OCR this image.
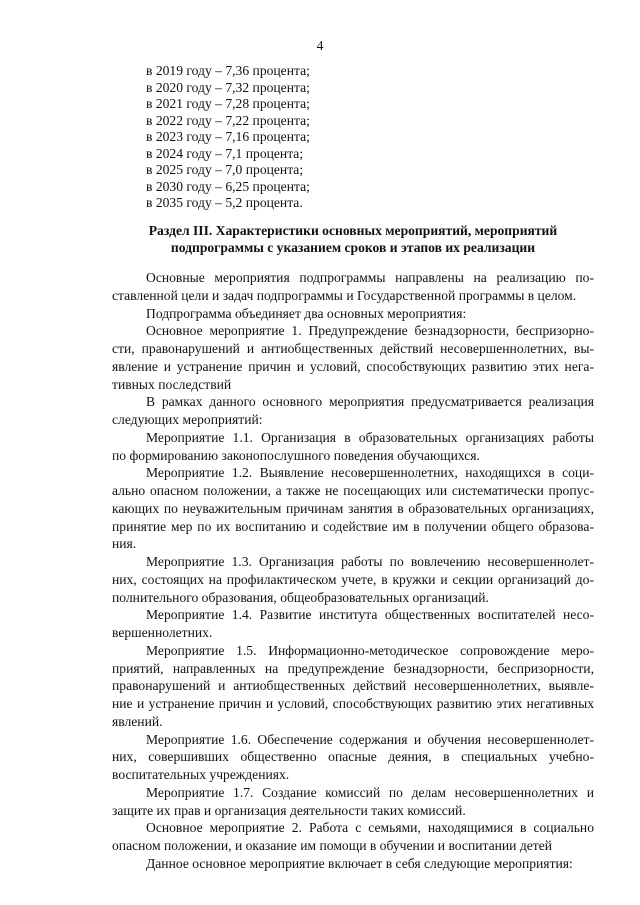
4
в 2019 году – 7,36 процента;
в 2020 году – 7,32 процента;
в 2021 году – 7,28 процента;
в 2022 году – 7,22 процента;
в 2023 году – 7,16 процента;
в 2024 году – 7,1 процента;
в 2025 году – 7,0 процента;
в 2030 году – 6,25 процента;
в 2035 году – 5,2 процента.
Раздел III. Характеристики основных мероприятий, мероприятий
подпрограммы с указанием сроков и этапов их реализации

Основные мероприятия подпрограммы направлены на реализацию по-
ставленной цели и задач подпрограммы и Государственной программы в целом.

Подпрограмма объединяет два основных мероприятия:

Основное мероприятие 1. Предупреждение безнадзорности, беспризорно-
сти, правонарушений и антиобщественных действий несовершеннолетних, вы-
явление и устранение причин и условий, способствующих развитию этих нега-
тивных последствий

В рамках данного основного мероприятия предусматривается реализация
следующих мероприятий:

Мероприятие 1.1. Организация в образовательных организациях работы
по формированию законопослушного поведения обучающихся.

Мероприятие 1.2. Выявление несовершеннолетних, находящихся в соци-
ально опасном положении, а также не посещающих или систематически пропус-
кающих по неуважительным причинам занятия в образовательных организациях,
принятие мер по их воспитанию и содействие им в получении общего образова-
ния.

Мероприятие 1.3. Организация работы по вовлечению несовершеннолет-
них, состоящих на профилактическом учете, в кружки и секции организаций до-
полнительного образования, общеобразовательных организаций.

Мероприятие 1.4. Развитие института общественных воспитателей несо-
вершеннолетних.

Мероприятие 1.5. Информационно-методическое сопровождение меро-
приятий, направленных на предупреждение безнадзорности, беспризорности,
правонарушений и антиобщественных действий несовершеннолетних, выявле-
ние и устранение причин и условий, способствующих развитию этих негативных
явлений.

Мероприятие 1.6. Обеспечение содержания и обучения несовершеннолет-
них, совершивших общественно опасные деяния, в специальных учебно-
воспитательных учреждениях.

Мероприятие 1.7. Создание комиссий по делам несовершеннолетних и
защите их прав и организация деятельности таких комиссий.

Основное мероприятие 2. Работа с семьями, находящимися в социально
опасном положении, и оказание им помощи в обучении и воспитании детей

Данное основное мероприятие включает в себя следующие мероприятия:
